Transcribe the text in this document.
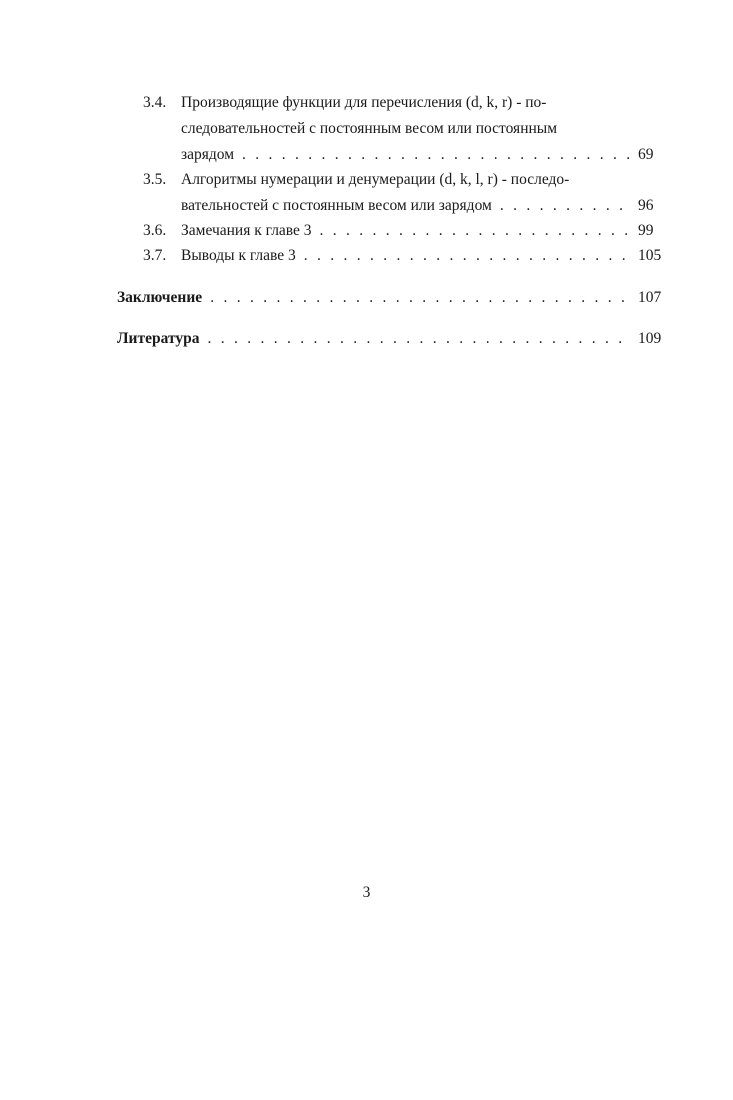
3.4. Производящие функции для перечисления (d, k, r) - по-
следовательностей с постоянным весом или постоянным
зарядом . . .	69
3.5. Алгоритмы нумерации и денумерации (d, k, l, r) - последо-
вательностей с постоянным весом или зарядом . . .	96
3.6. Замечания к главе 3 . . .	99
3.7. Выводы к главе 3 . . .	105
Заключение . . .	107
Литература . . .	109
3
